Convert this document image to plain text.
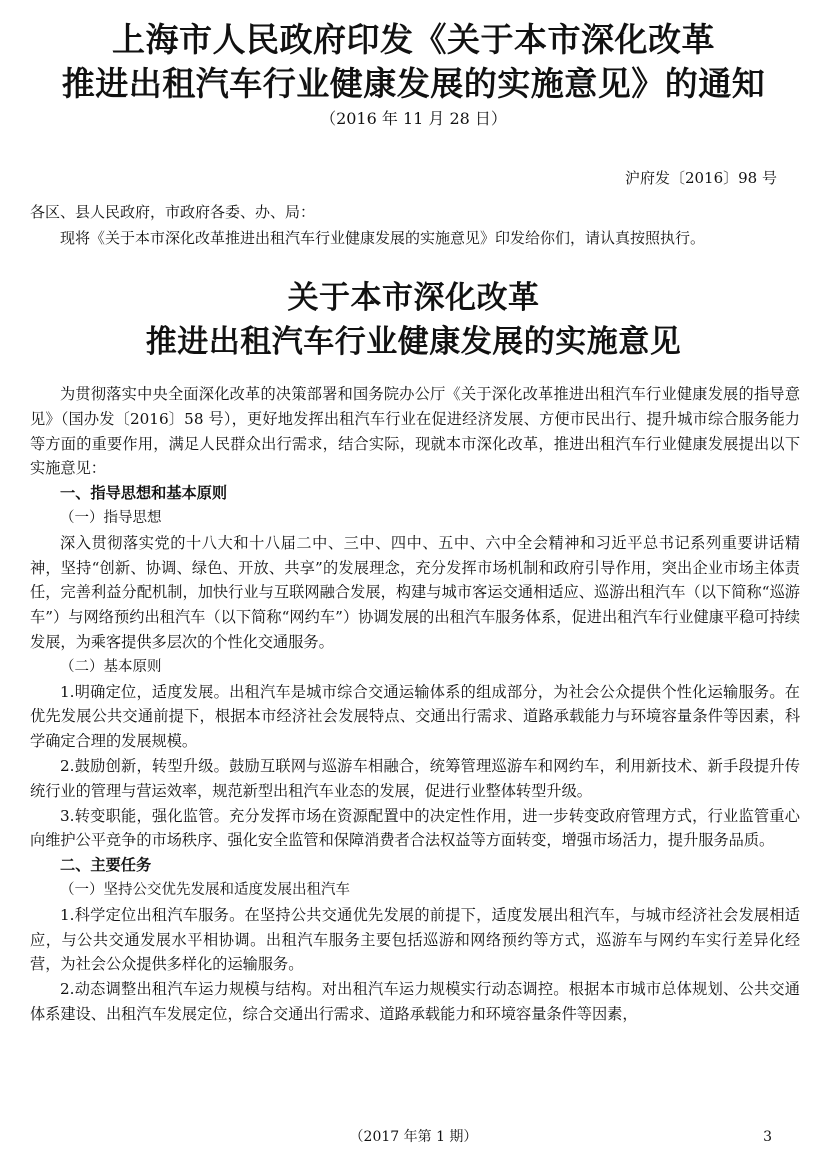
上海市人民政府印发《关于本市深化改革
推进出租汽车行业健康发展的实施意见》的通知

（2016 年 11 月 28 日）

沪府发〔2016〕98 号

各区、县人民政府，市政府各委、办、局：

现将《关于本市深化改革推进出租汽车行业健康发展的实施意见》印发给你们，请认真按照执行。

关于本市深化改革
推进出租汽车行业健康发展的实施意见

为贯彻落实中央全面深化改革的决策部署和国务院办公厅《关于深化改革推进出租汽车行业健康发展的指导意见》（国办发〔2016〕58 号），更好地发挥出租汽车行业在促进经济发展、方便市民出行、提升城市综合服务能力等方面的重要作用，满足人民群众出行需求，结合实际，现就本市深化改革，推进出租汽车行业健康发展提出以下实施意见：

一、指导思想和基本原则

（一）指导思想

深入贯彻落实党的十八大和十八届二中、三中、四中、五中、六中全会精神和习近平总书记系列重要讲话精神，坚持“创新、协调、绿色、开放、共享”的发展理念，充分发挥市场机制和政府引导作用，突出企业市场主体责任，完善利益分配机制，加快行业与互联网融合发展，构建与城市客运交通相适应、巡游出租汽车（以下简称“巡游车”）与网络预约出租汽车（以下简称“网约车”）协调发展的出租汽车服务体系，促进出租汽车行业健康平稳可持续发展，为乘客提供多层次的个性化交通服务。

（二）基本原则

1.明确定位，适度发展。出租汽车是城市综合交通运输体系的组成部分，为社会公众提供个性化运输服务。在优先发展公共交通前提下，根据本市经济社会发展特点、交通出行需求、道路承载能力与环境容量条件等因素，科学确定合理的发展规模。

2.鼓励创新，转型升级。鼓励互联网与巡游车相融合，统筹管理巡游车和网约车，利用新技术、新手段提升传统行业的管理与营运效率，规范新型出租汽车业态的发展，促进行业整体转型升级。

3.转变职能，强化监管。充分发挥市场在资源配置中的决定性作用，进一步转变政府管理方式，行业监管重心向维护公平竞争的市场秩序、强化安全监管和保障消费者合法权益等方面转变，增强市场活力，提升服务品质。

二、主要任务

（一）坚持公交优先发展和适度发展出租汽车

1.科学定位出租汽车服务。在坚持公共交通优先发展的前提下，适度发展出租汽车，与城市经济社会发展相适应，与公共交通发展水平相协调。出租汽车服务主要包括巡游和网络预约等方式，巡游车与网约车实行差异化经营，为社会公众提供多样化的运输服务。

2.动态调整出租汽车运力规模与结构。对出租汽车运力规模实行动态调控。根据本市城市总体规划、公共交通体系建设、出租汽车发展定位，综合交通出行需求、道路承载能力和环境容量条件等因素，

（2017 年第 1 期）	3
